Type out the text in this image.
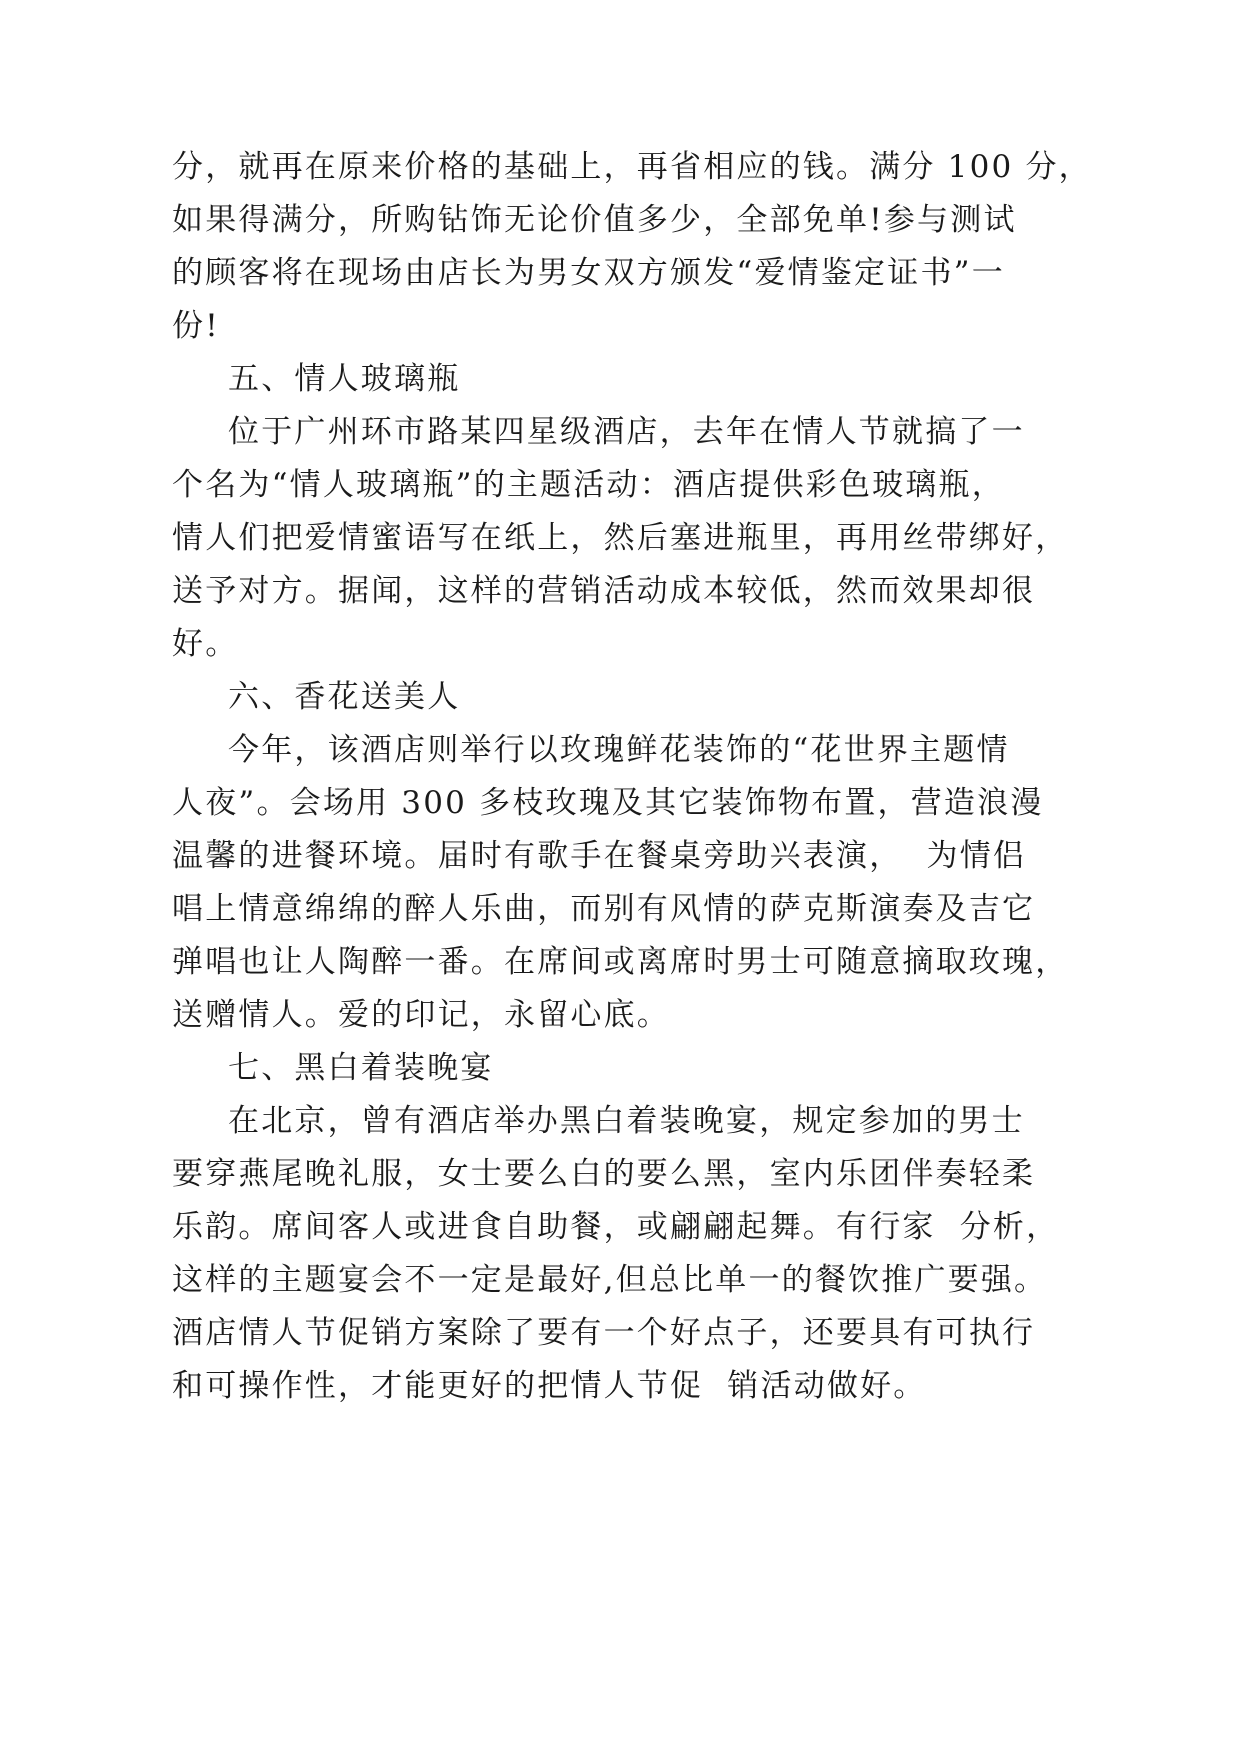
分，就再在原来价格的基础上，再省相应的钱。满分 100 分，
如果得满分，所购钻饰无论价值多少，全部免单!参与测试
的顾客将在现场由店长为男女双方颁发“爱情鉴定证书”一
份!
五、情人玻璃瓶
位于广州环市路某四星级酒店，去年在情人节就搞了一
个名为“情人玻璃瓶”的主题活动：酒店提供彩色玻璃瓶，
情人们把爱情蜜语写在纸上，然后塞进瓶里，再用丝带绑好，
送予对方。据闻，这样的营销活动成本较低，然而效果却很
好。
六、香花送美人
今年，该酒店则举行以玫瑰鲜花装饰的“花世界主题情
人夜”。会场用 300 多枝玫瑰及其它装饰物布置，营造浪漫
温馨的进餐环境。届时有歌手在餐桌旁助兴表演，  为情侣
唱上情意绵绵的醉人乐曲，而别有风情的萨克斯演奏及吉它
弹唱也让人陶醉一番。在席间或离席时男士可随意摘取玫瑰，
送赠情人。爱的印记，永留心底。
七、黑白着装晚宴
在北京，曾有酒店举办黑白着装晚宴，规定参加的男士
要穿燕尾晚礼服，女士要么白的要么黑，室内乐团伴奏轻柔
乐韵。席间客人或进食自助餐，或翩翩起舞。有行家  分析，
这样的主题宴会不一定是最好,但总比单一的餐饮推广要强。
酒店情人节促销方案除了要有一个好点子，还要具有可执行
和可操作性，才能更好的把情人节促  销活动做好。
